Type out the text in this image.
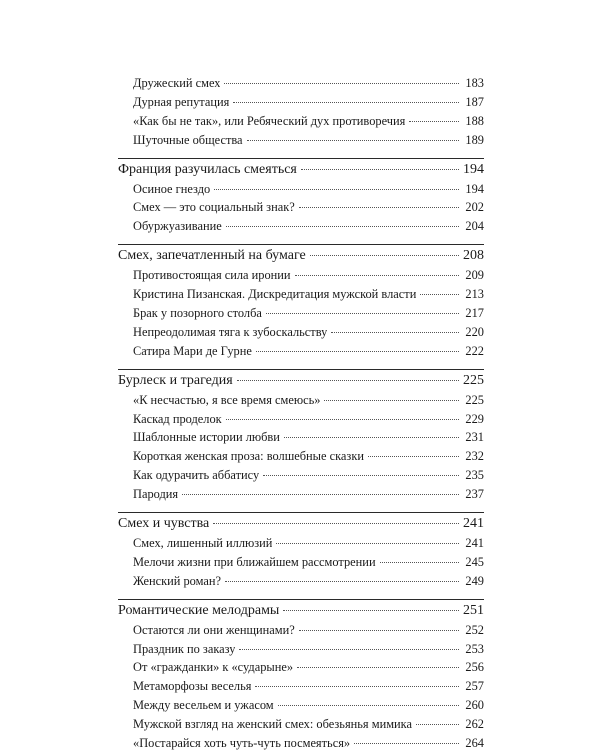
Дружеский смех	183
Дурная репутация	187
«Как бы не так», или Ребяческий дух противоречия	188
Шуточные общества	189
Франция разучилась смеяться	194
Осиное гнездо	194
Смех — это социальный знак?	202
Обуржуазивание	204
Смех, запечатленный на бумаге	208
Противостоящая сила иронии	209
Кристина Пизанская. Дискредитация мужской власти	213
Брак у позорного столба	217
Непреодолимая тяга к зубоскальству	220
Сатира Мари де Гурне	222
Бурлеск и трагедия	225
«К несчастью, я все время смеюсь»	225
Каскад проделок	229
Шаблонные истории любви	231
Короткая женская проза: волшебные сказки	232
Как одурачить аббатису	235
Пародия	237
Смех и чувства	241
Смех, лишенный иллюзий	241
Мелочи жизни при ближайшем рассмотрении	245
Женский роман?	249
Романтические мелодрамы	251
Остаются ли они женщинами?	252
Праздник по заказу	253
От «гражданки» к «сударыне»	256
Метаморфозы веселья	257
Между весельем и ужасом	260
Мужской взгляд на женский смех: обезьянья мимика	262
«Постарайся хоть чуть-чуть посмеяться»	264
